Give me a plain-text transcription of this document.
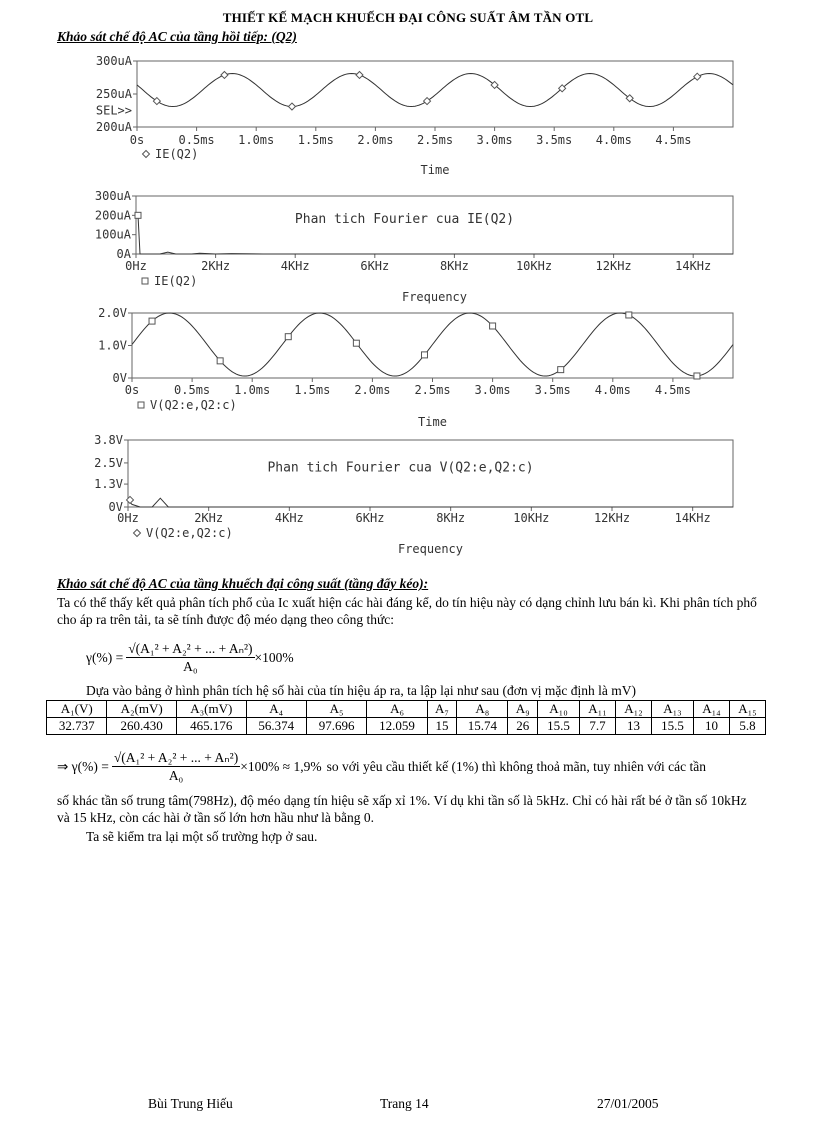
THIẾT KẾ MẠCH KHUẾCH ĐẠI CÔNG SUẤT ÂM TẦN OTL
Khảo sát chế độ AC của tầng hồi tiếp: (Q2)
300uA
250uA
200uA
0s	0.5ms 1.0ms 1.5ms 2.0ms 2.5ms 3.0ms 3.5ms 4.0ms 4.5ms
SEL>>
IE(Q2)
Time
300uA
200uA
100uA
0A
0Hz	2KHz	4KHz	6KHz	8KHz	10KHz	12KHz	14KHz
Phan tich Fourier cua IE(Q2)
IE(Q2)
Frequency
2.0V
1.0V
0V
0s	0.5ms 1.0ms 1.5ms 2.0ms 2.5ms 3.0ms 3.5ms 4.0ms 4.5ms
V(Q2:e,Q2:c)
Time
3.8V
2.5V
1.3V
0V
0Hz	2KHz	4KHz	6KHz	8KHz	10KHz	12KHz	14KHz
Phan tich Fourier cua V(Q2:e,Q2:c)
V(Q2:e,Q2:c)
Frequency
Khảo sát chế độ AC của tầng khuếch đại công suất (tầng đẩy kéo):
Ta có thể thấy kết quả phân tích phổ của Ic xuất hiện các hài đáng kể, do tín hiệu này có dạng chỉnh lưu bán kì. Khi phân tích phổ cho áp ra trên tải, ta sẽ tính được độ méo dạng theo công thức:
$\gamma(\%) = \frac{\text{√(A₁² + A₂² + ... + Aₙ²)}}{\text{A₀}} \times 100\%$
Dựa vào bảng ở hình phân tích hệ số hài của tín hiệu áp ra, ta lập lại như sau (đơn vị mặc định là mV)
A₁(V)	A₂(mV)	A₃(mV)	A₄	A₅	A₆	A₇	A₈	A₉	A₁₀	A₁₁	A₁₂	A₁₃	A₁₄	A₁₅
32.737	260.430	465.176	56.374	97.696	12.059	15	15.74	26	15.5	7.7	13	15.5	10	5.8
⇒ $\gamma(\%) = \frac{\text{√(A₁² + A₂² + ... + Aₙ²)}}{\text{A₀}} \times 100\% \approx 1,9\%$ so với yêu cầu thiết kế (1%) thì không thoả mãn, tuy nhiên với các tần
số khác tần số trung tâm(798Hz), độ méo dạng tín hiệu sẽ xấp xỉ 1%. Ví dụ khi tần số là 5kHz. Chỉ có hài rất bé ở tần số 10kHz và 15 kHz, còn các hài ở tần số lớn hơn hầu như là bằng 0.
Ta sẽ kiểm tra lại một số trường hợp ở sau.
Bùi Trung Hiếu	Trang 14	27/01/2005
